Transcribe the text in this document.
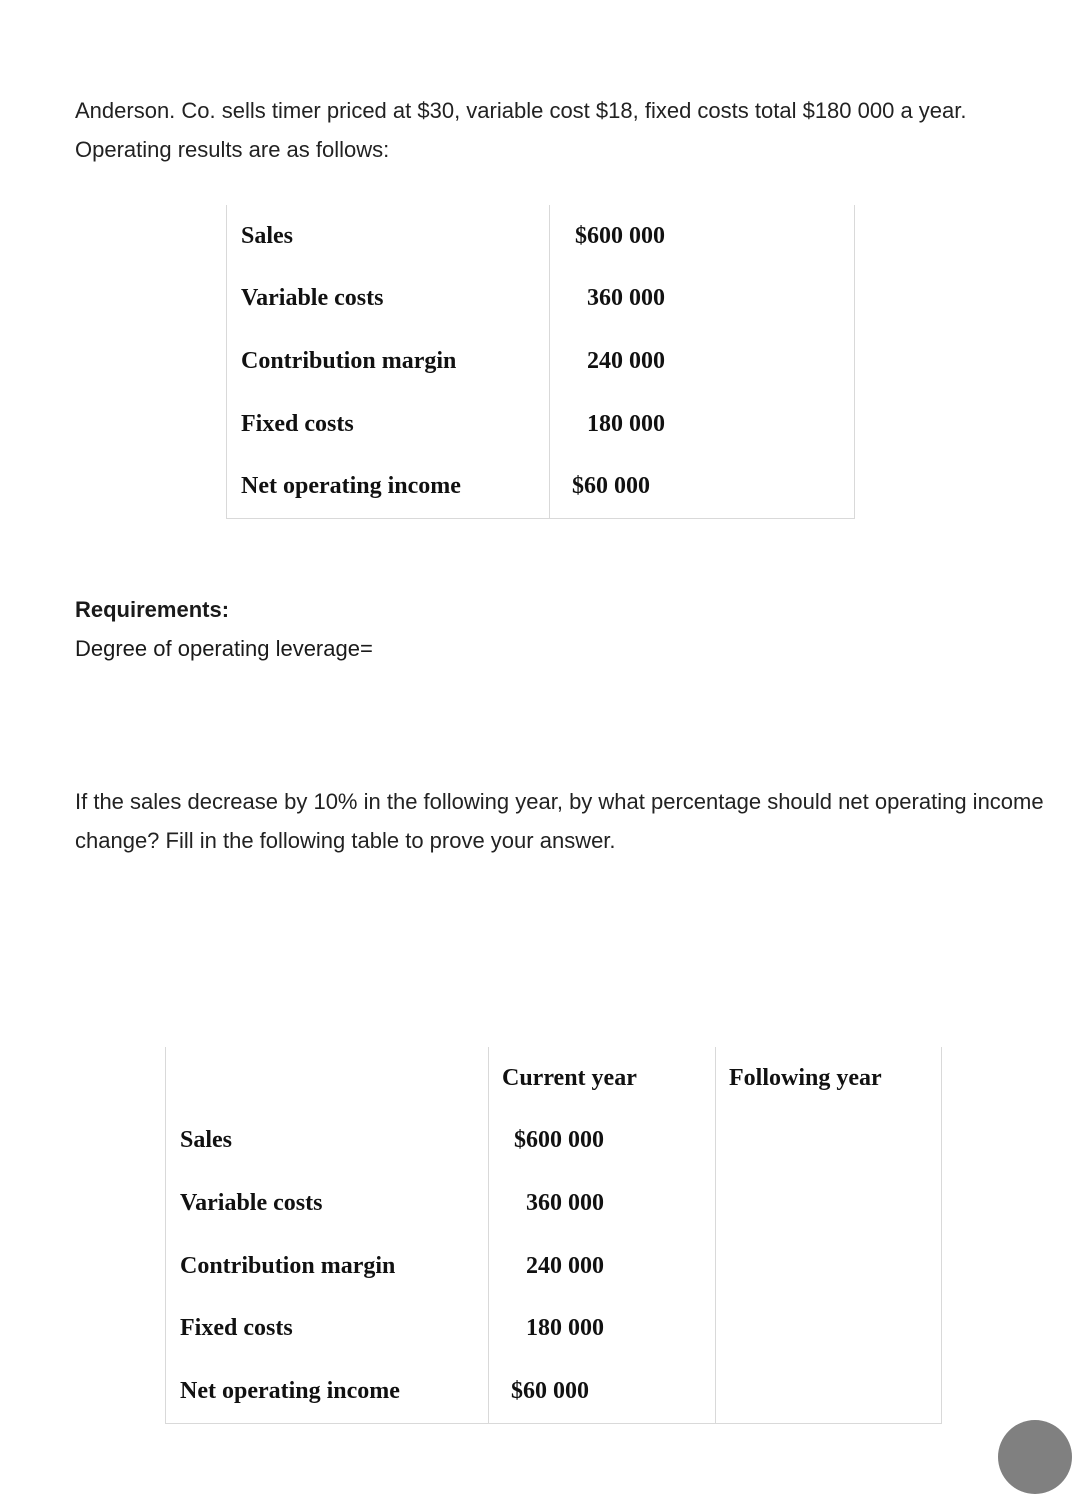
Anderson. Co. sells timer priced at $30, variable cost $18, fixed costs total $180 000 a year. Operating results are as follows:

Sales	$600 000

Variable costs	360 000

Contribution margin	240 000

Fixed costs	180 000

Net operating income	$60 000
Requirements:
Degree of operating leverage=

If the sales decrease by 10% in the following year, by what percentage should net operating income change? Fill in the following table to prove your answer.

	Current year	Following year
Sales	$600 000	

Variable costs	360 000	

Contribution margin	240 000	

Fixed costs	180 000	

Net operating income	$60 000	
